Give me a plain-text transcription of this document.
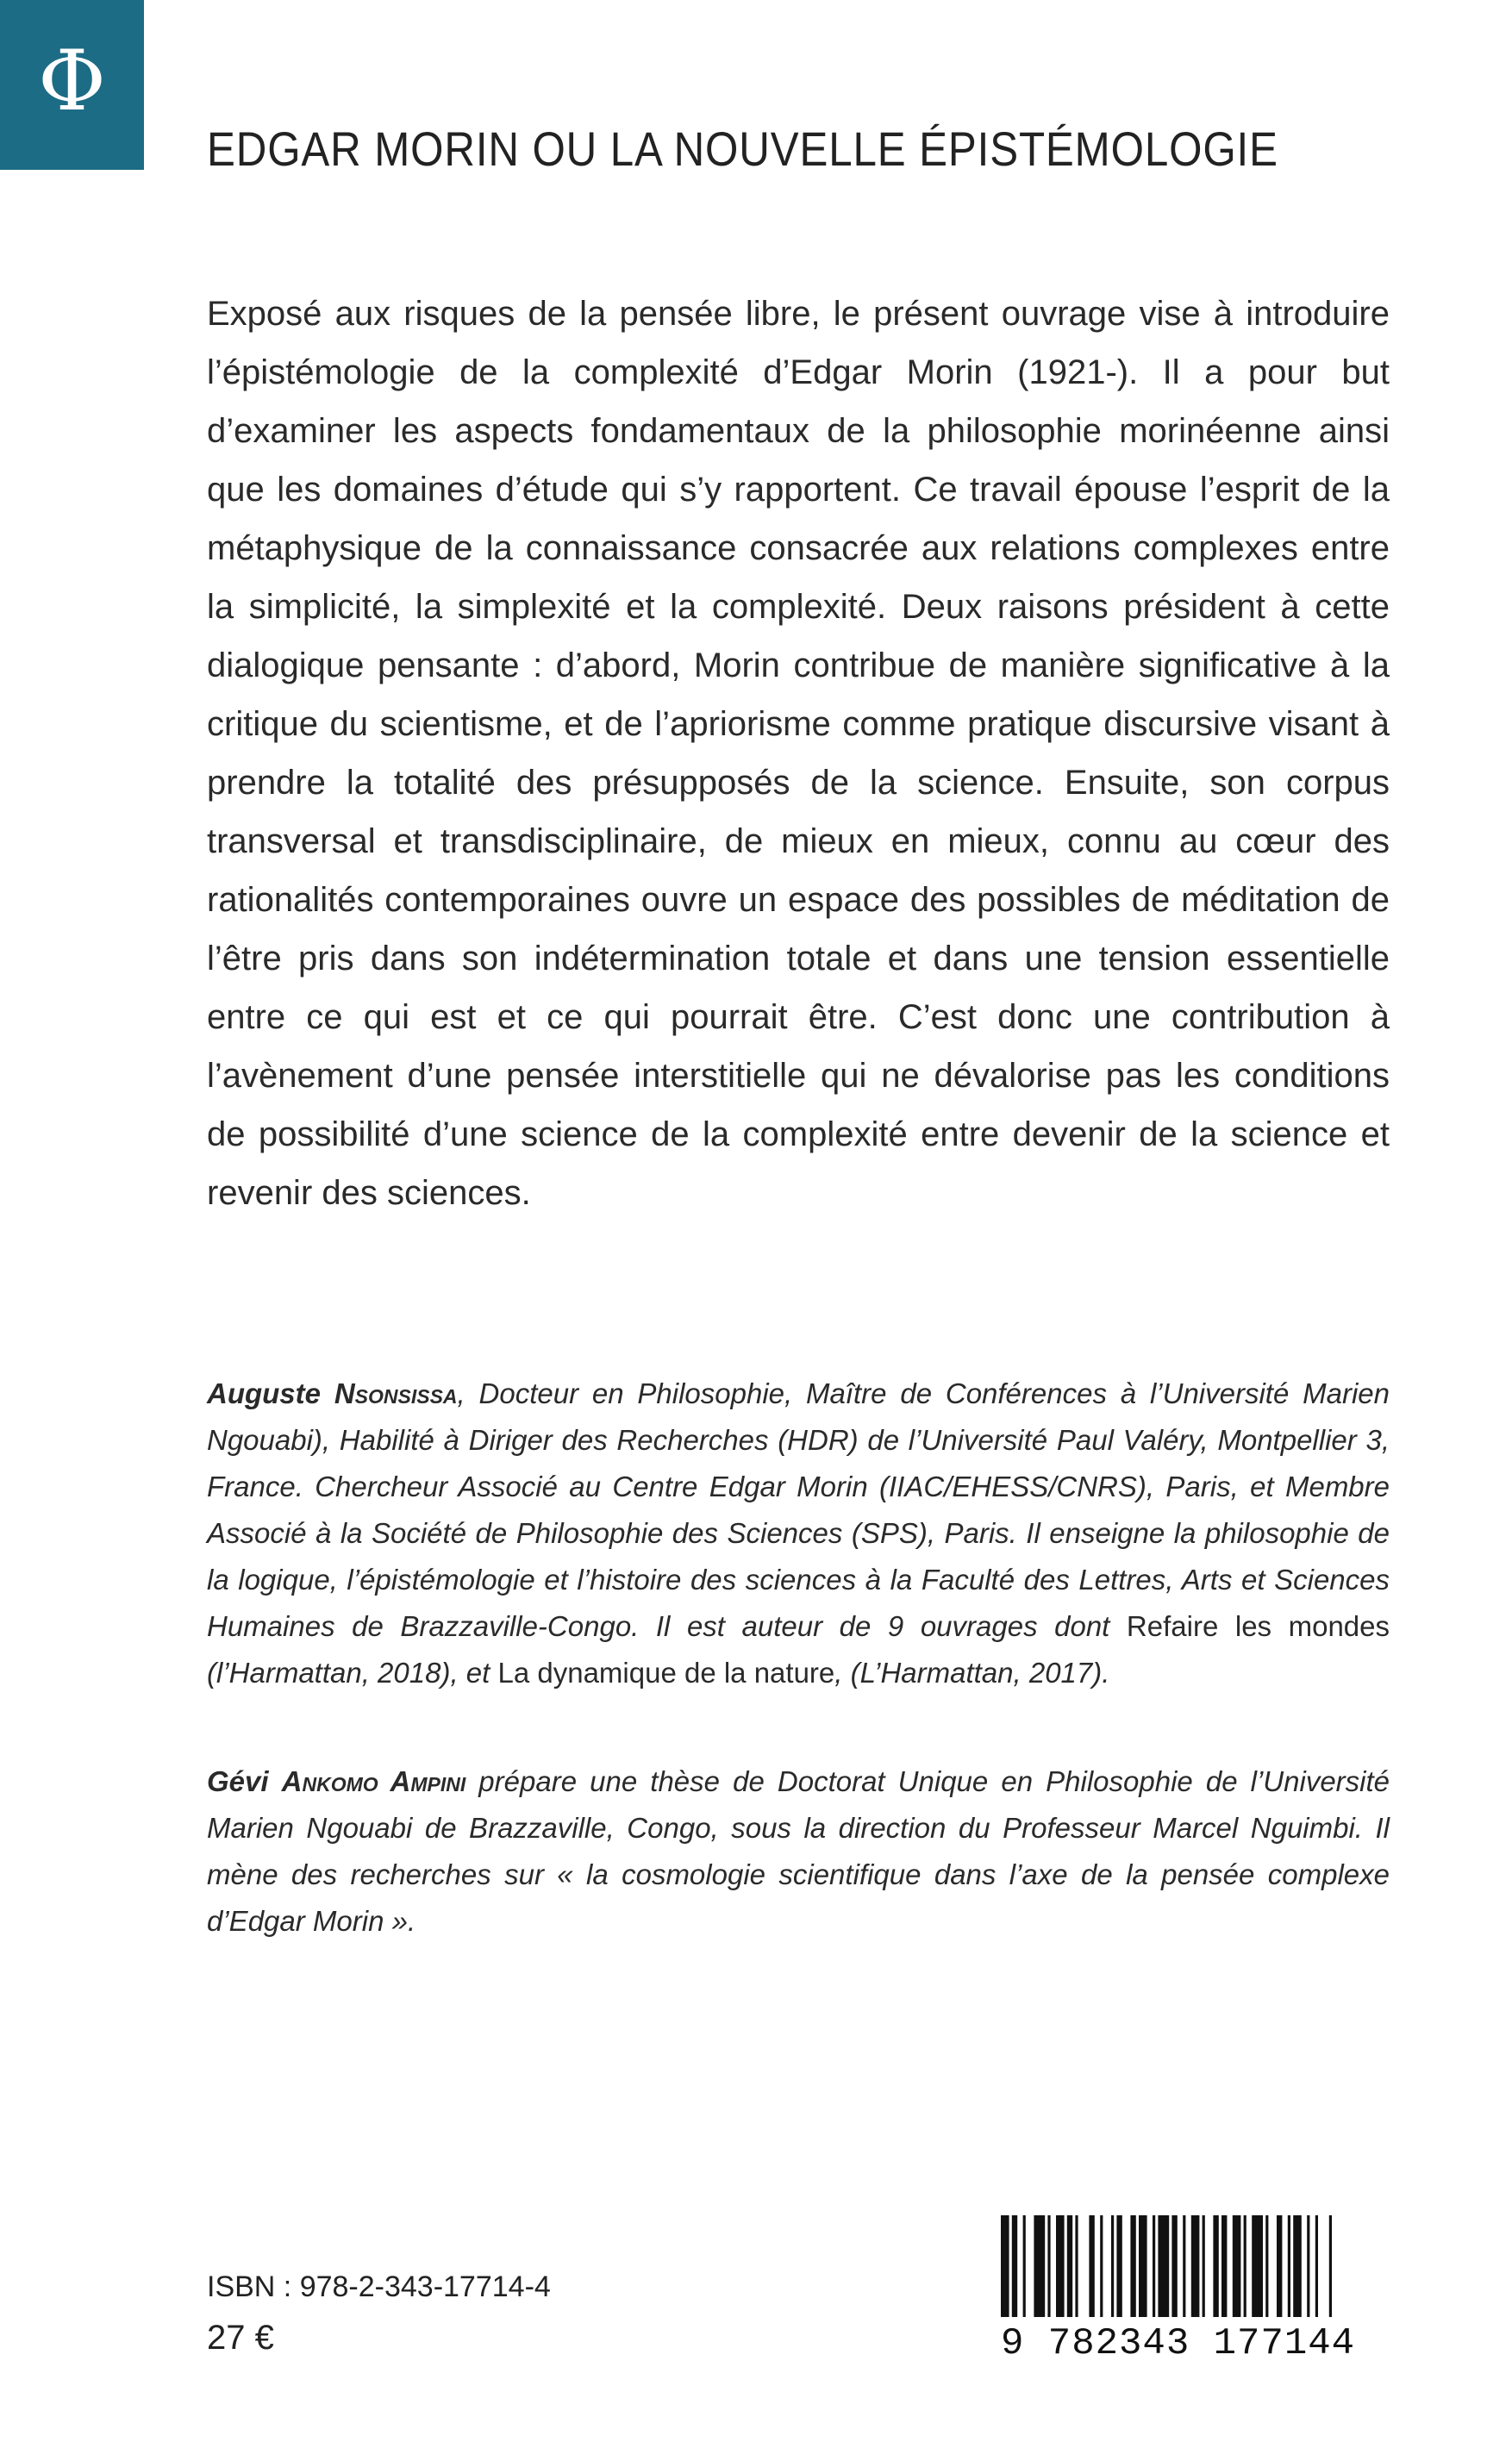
Φ
EDGAR MORIN OU LA NOUVELLE ÉPISTÉMOLOGIE

Exposé aux risques de la pensée libre, le présent ouvrage vise à introduire l’épistémologie de la complexité d’Edgar Morin (1921-). Il a pour but d’examiner les aspects fondamentaux de la philosophie morinéenne ainsi que les domaines d’étude qui s’y rapportent. Ce travail épouse l’esprit de la métaphysique de la connaissance consacrée aux relations complexes entre la simplicité, la simplexité et la complexité. Deux raisons président à cette dialogique pensante : d’abord, Morin contribue de manière significative à la critique du scientisme, et de l’apriorisme comme pratique discursive visant à prendre la totalité des présupposés de la science. Ensuite, son corpus transversal et transdisciplinaire, de mieux en mieux, connu au cœur des rationalités contemporaines ouvre un espace des possibles de méditation de l’être pris dans son indétermination totale et dans une tension essentielle entre ce qui est et ce qui pourrait être. C’est donc une contribution à l’avènement d’une pensée interstitielle qui ne dévalorise pas les conditions de possibilité d’une science de la complexité entre devenir de la science et revenir des sciences.

Auguste Nsonsissa, Docteur en Philosophie, Maître de Conférences à l’Université Marien Ngouabi), Habilité à Diriger des Recherches (HDR) de l’Université Paul Valéry, Montpellier 3, France. Chercheur Associé au Centre Edgar Morin (IIAC/EHESS/CNRS), Paris, et Membre Associé à la Société de Philosophie des Sciences (SPS), Paris. Il enseigne la philosophie de la logique, l’épistémologie et l’histoire des sciences à la Faculté des Lettres, Arts et Sciences Humaines de Brazzaville-Congo. Il est auteur de 9 ouvrages dont Refaire les mondes (l’Harmattan, 2018), et La dynamique de la nature, (L’Harmattan, 2017).

Gévi Ankomo Ampini prépare une thèse de Doctorat Unique en Philosophie de l’Université Marien Ngouabi de Brazzaville, Congo, sous la direction du Professeur Marcel Nguimbi. Il mène des recherches sur « la cosmologie scientifique dans l’axe de la pensée complexe d’Edgar Morin ».

ISBN : 978-2-343-17714-4
27 €	9 782343 177144
